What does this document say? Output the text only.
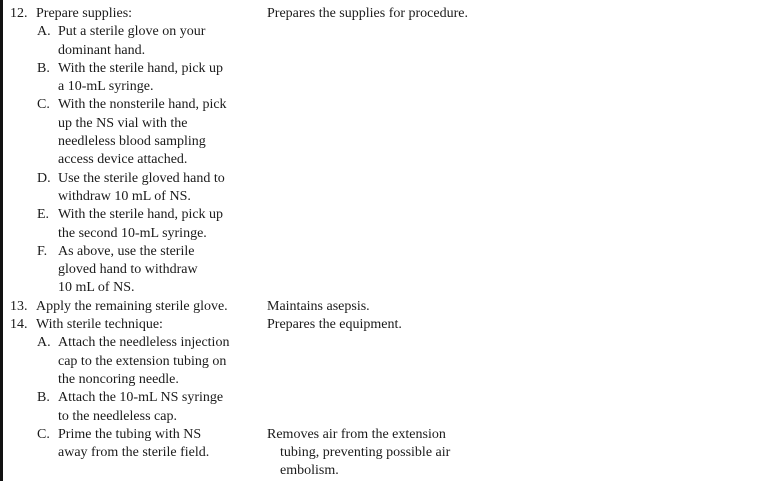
12. Prepare supplies:
A. Put a sterile glove on your
dominant hand.
B. With the sterile hand, pick up
a 10-mL syringe.
C. With the nonsterile hand, pick
up the NS vial with the
needleless blood sampling
access device attached.
D. Use the sterile gloved hand to
withdraw 10 mL of NS.
E. With the sterile hand, pick up
the second 10-mL syringe.
F. As above, use the sterile
gloved hand to withdraw
10 mL of NS.
Prepares the supplies for procedure.
13. Apply the remaining sterile glove.	Maintains asepsis.
14. With sterile technique:
A. Attach the needleless injection
cap to the extension tubing on
the noncoring needle.
B. Attach the 10-mL NS syringe
to the needleless cap.
Prepares the equipment.
C. Prime the tubing with NS
away from the sterile field.
Removes air from the extension
tubing, preventing possible air
embolism.
